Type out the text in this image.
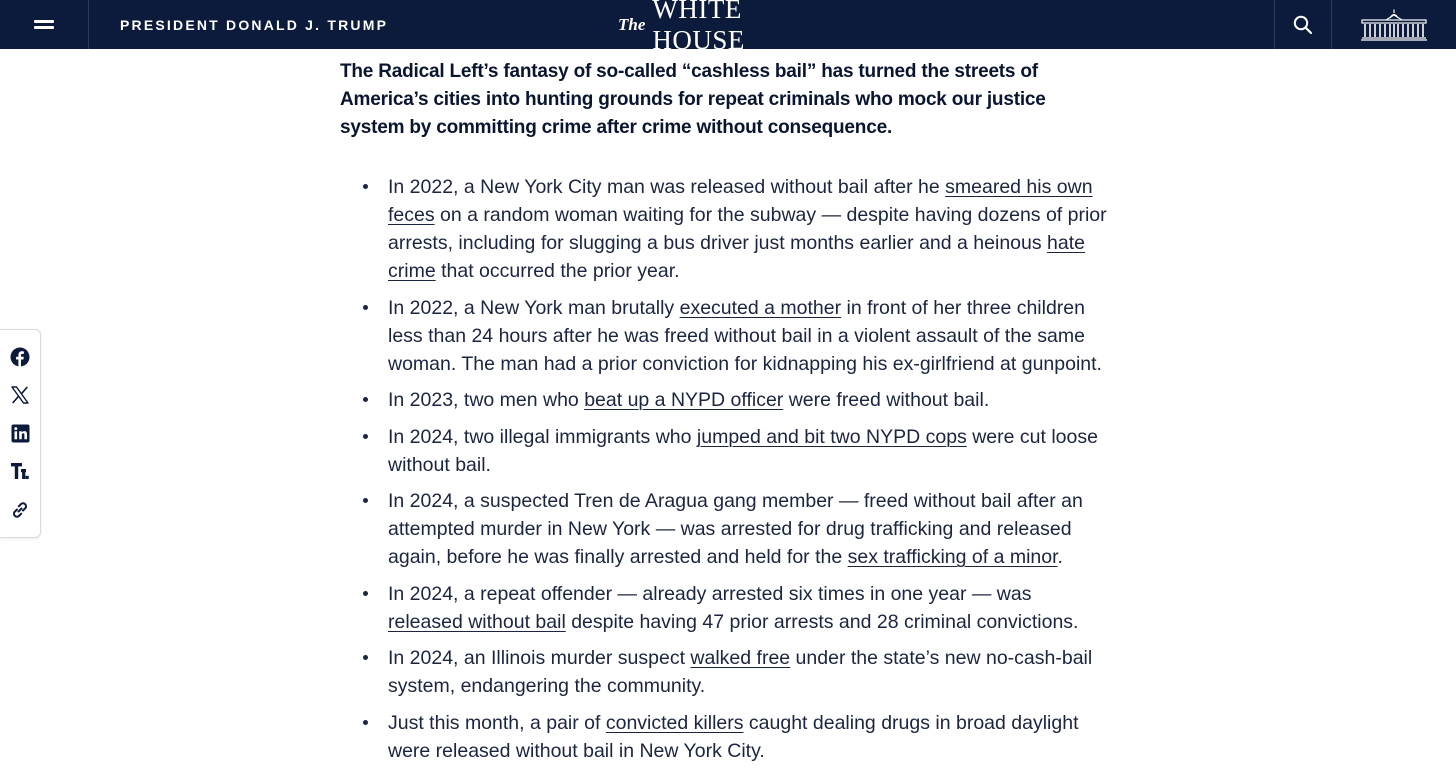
PRESIDENT DONALD J. TRUMP	The
WHITE HOUSE

The Radical Left’s fantasy of so-called “cashless bail” has turned the streets of America’s cities into hunting grounds for repeat criminals who mock our justice system by committing crime after crime without consequence.

In 2022, a New York City man was released without bail after he smeared his own feces on a random woman waiting for the subway — despite having dozens of prior arrests, including for slugging a bus driver just months earlier and a heinous hate crime that occurred the prior year.
In 2022, a New York man brutally executed a mother in front of her three children less than 24 hours after he was freed without bail in a violent assault of the same woman. The man had a prior conviction for kidnapping his ex-girlfriend at gunpoint.
In 2023, two men who beat up a NYPD officer were freed without bail.
In 2024, two illegal immigrants who jumped and bit two NYPD cops were cut loose without bail.
In 2024, a suspected Tren de Aragua gang member — freed without bail after an attempted murder in New York — was arrested for drug trafficking and released again, before he was finally arrested and held for the sex trafficking of a minor.
In 2024, a repeat offender — already arrested six times in one year — was released without bail despite having 47 prior arrests and 28 criminal convictions.
In 2024, an Illinois murder suspect walked free under the state’s new no-cash-bail system, endangering the community.
Just this month, a pair of convicted killers caught dealing drugs in broad daylight were released without bail in New York City.
